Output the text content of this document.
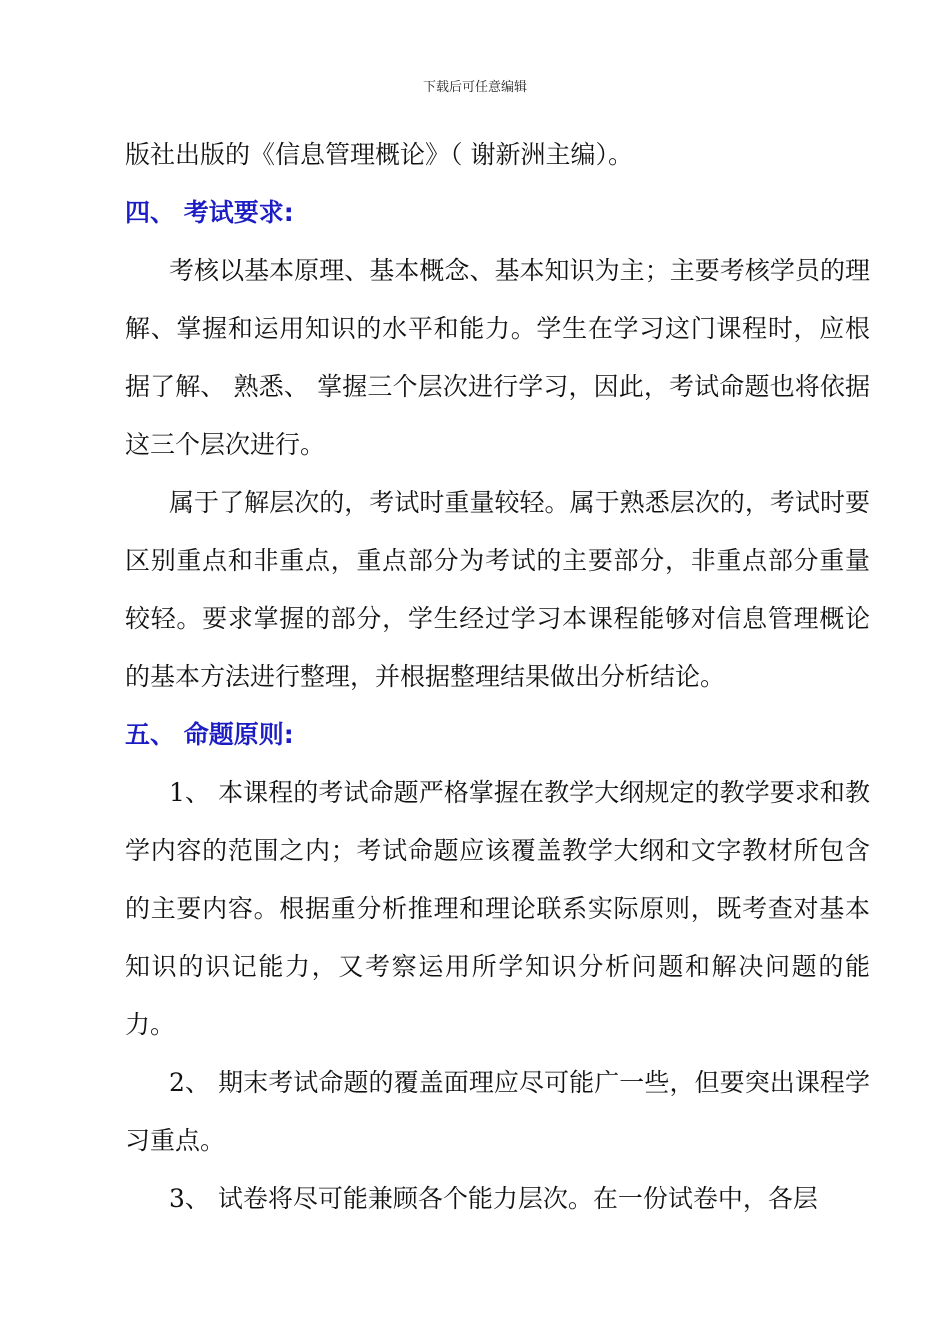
下载后可任意编辑

版社出版的《信息管理概论》（ 谢新洲主编）。

四、 考试要求:

考核以基本原理、基本概念、基本知识为主；主要考核学员的理解、掌握和运用知识的水平和能力。学生在学习这门课程时，应根据了解、 熟悉、 掌握三个层次进行学习，因此，考试命题也将依据这三个层次进行。

属于了解层次的，考试时重量较轻。属于熟悉层次的，考试时要区别重点和非重点，重点部分为考试的主要部分，非重点部分重量较轻。要求掌握的部分，学生经过学习本课程能够对信息管理概论的基本方法进行整理，并根据整理结果做出分析结论。

五、 命题原则:

1、 本课程的考试命题严格掌握在教学大纲规定的教学要求和教学内容的范围之内；考试命题应该覆盖教学大纲和文字教材所包含的主要内容。根据重分析推理和理论联系实际原则，既考查对基本知识的识记能力，又考察运用所学知识分析问题和解决问题的能力。

2、 期末考试命题的覆盖面理应尽可能广一些，但要突出课程学习重点。

3、 试卷将尽可能兼顾各个能力层次。在一份试卷中，各层
